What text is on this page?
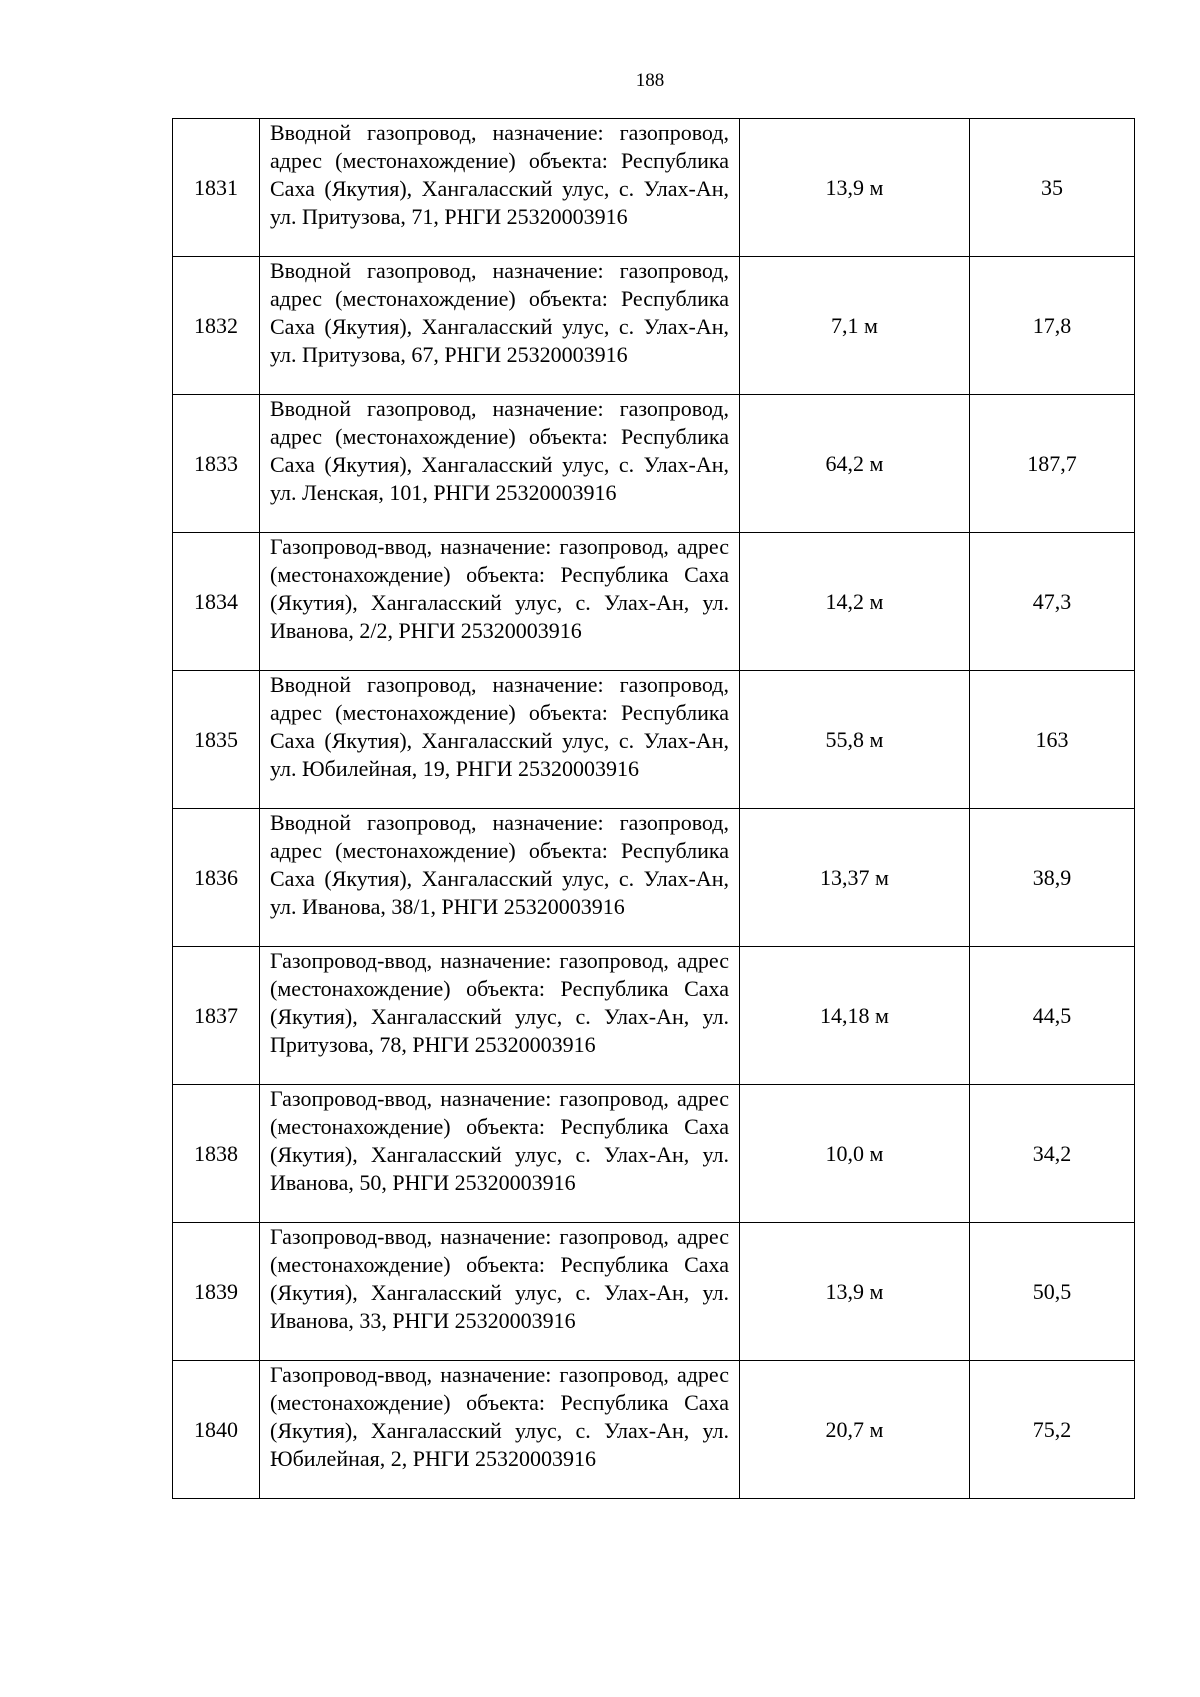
188
1831	Вводной газопровод, назначение: газопровод, адрес (местонахождение) объекта: Республика Саха (Якутия), Хангаласский улус, с. Улах-Ан, ул. Притузова, 71, РНГИ 25320003916	13,9 м	35
1832	Вводной газопровод, назначение: газопровод, адрес (местонахождение) объекта: Республика Саха (Якутия), Хангаласский улус, с. Улах-Ан, ул. Притузова, 67, РНГИ 25320003916	7,1 м	17,8
1833	Вводной газопровод, назначение: газопровод, адрес (местонахождение) объекта: Республика Саха (Якутия), Хангаласский улус, с. Улах-Ан, ул. Ленская, 101, РНГИ 25320003916	64,2 м	187,7
1834	Газопровод-ввод, назначение: газопровод, адрес (местонахождение) объекта: Республика Саха (Якутия), Хангаласский улус, с. Улах-Ан, ул. Иванова, 2/2, РНГИ 25320003916	14,2 м	47,3
1835	Вводной газопровод, назначение: газопровод, адрес (местонахождение) объекта: Республика Саха (Якутия), Хангаласский улус, с. Улах-Ан, ул. Юбилейная, 19, РНГИ 25320003916	55,8 м	163
1836	Вводной газопровод, назначение: газопровод, адрес (местонахождение) объекта: Республика Саха (Якутия), Хангаласский улус, с. Улах-Ан, ул. Иванова, 38/1, РНГИ 25320003916	13,37 м	38,9
1837	Газопровод-ввод, назначение: газопровод, адрес (местонахождение) объекта: Республика Саха (Якутия), Хангаласский улус, с. Улах-Ан, ул. Притузова, 78, РНГИ 25320003916	14,18 м	44,5
1838	Газопровод-ввод, назначение: газопровод, адрес (местонахождение) объекта: Республика Саха (Якутия), Хангаласский улус, с. Улах-Ан, ул. Иванова, 50, РНГИ 25320003916	10,0 м	34,2
1839	Газопровод-ввод, назначение: газопровод, адрес (местонахождение) объекта: Республика Саха (Якутия), Хангаласский улус, с. Улах-Ан, ул. Иванова, 33, РНГИ 25320003916	13,9 м	50,5
1840	Газопровод-ввод, назначение: газопровод, адрес (местонахождение) объекта: Республика Саха (Якутия), Хангаласский улус, с. Улах-Ан, ул. Юбилейная, 2, РНГИ 25320003916	20,7 м	75,2
